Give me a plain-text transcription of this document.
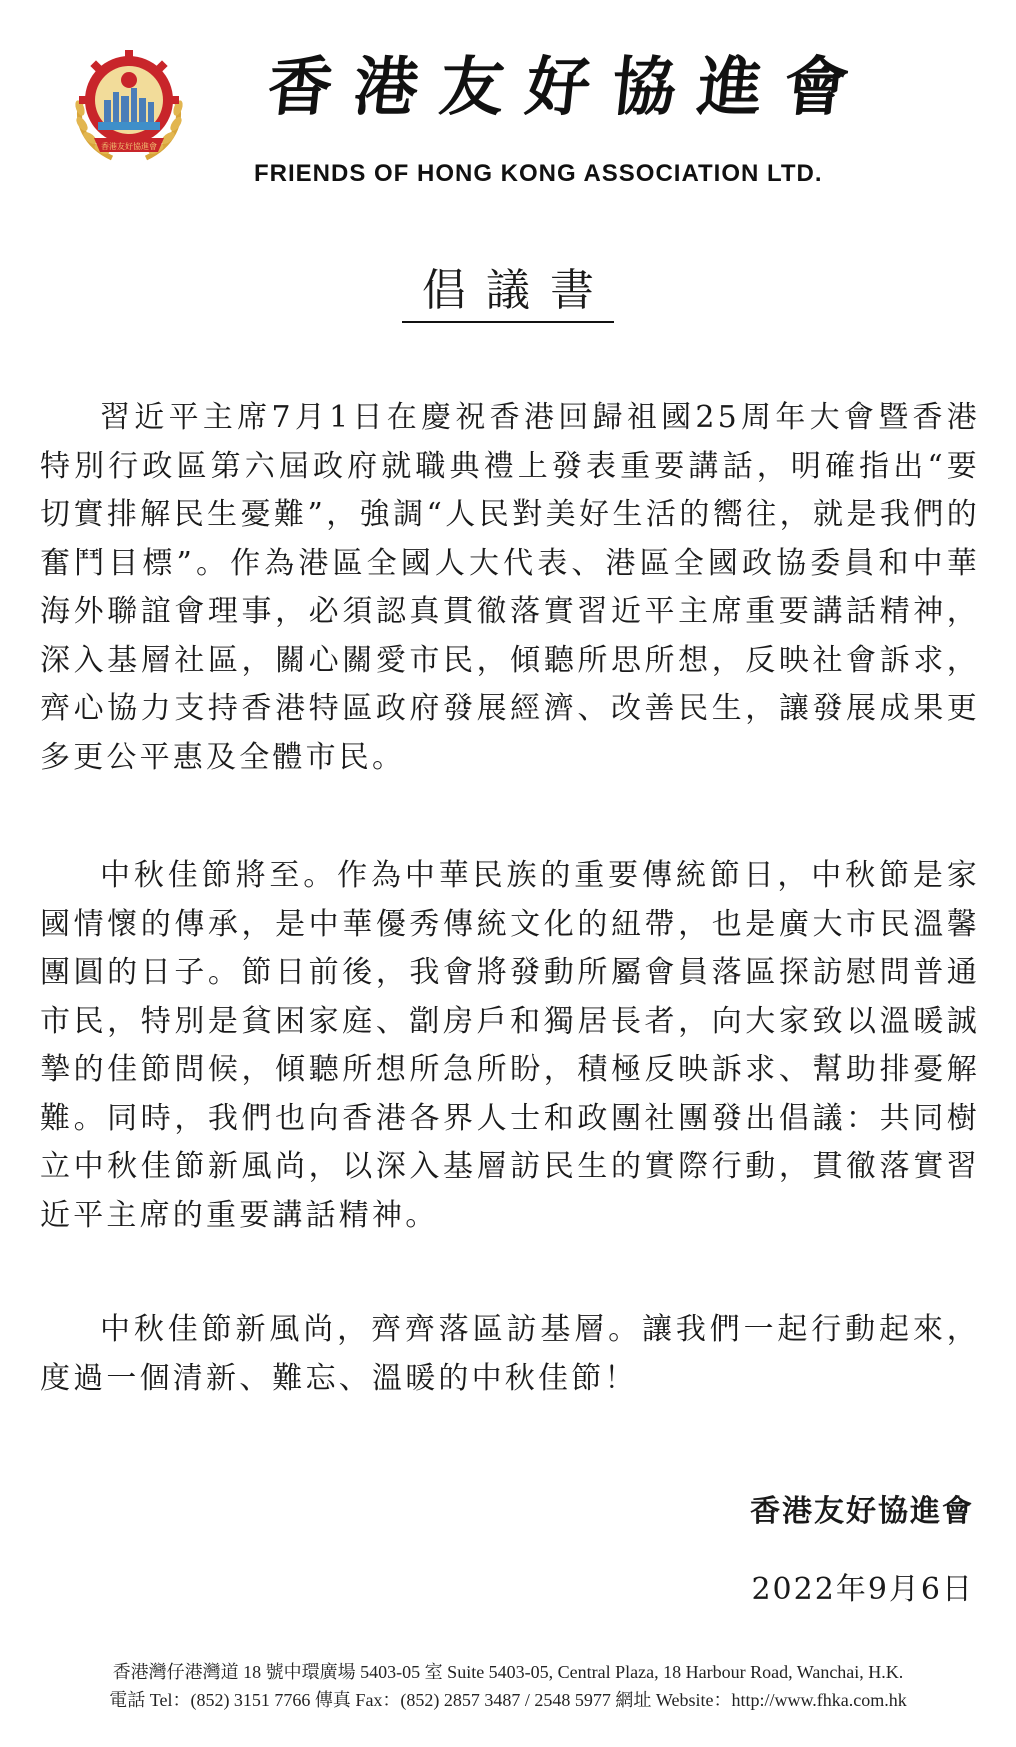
香港友好協進會
香港友好協進會
FRIENDS OF HONG KONG ASSOCIATION LTD.
倡議書

習近平主席7月1日在慶祝香港回歸祖國25周年大會暨香港特別行政區第六屆政府就職典禮上發表重要講話，明確指出“要切實排解民生憂難”，強調“人民對美好生活的嚮往，就是我們的奮鬥目標”。作為港區全國人大代表、港區全國政協委員和中華海外聯誼會理事，必須認真貫徹落實習近平主席重要講話精神，深入基層社區，關心關愛市民，傾聽所思所想，反映社會訴求，齊心協力支持香港特區政府發展經濟、改善民生，讓發展成果更多更公平惠及全體市民。

中秋佳節將至。作為中華民族的重要傳統節日，中秋節是家國情懷的傳承，是中華優秀傳統文化的紐帶，也是廣大市民溫馨團圓的日子。節日前後，我會將發動所屬會員落區探訪慰問普通市民，特別是貧困家庭、劏房戶和獨居長者，向大家致以溫暖誠摯的佳節問候，傾聽所想所急所盼，積極反映訴求、幫助排憂解難。同時，我們也向香港各界人士和政團社團發出倡議：共同樹立中秋佳節新風尚，以深入基層訪民生的實際行動，貫徹落實習近平主席的重要講話精神。

中秋佳節新風尚，齊齊落區訪基層。讓我們一起行動起來，度過一個清新、難忘、溫暖的中秋佳節！

香港友好協進會
2022年9月6日
香港灣仔港灣道 18 號中環廣場 5403-05 室 Suite 5403-05, Central Plaza, 18 Harbour Road, Wanchai, H.K.
電話 Tel：(852) 3151 7766 傳真 Fax：(852) 2857 3487 / 2548 5977 網址 Website：http://www.fhka.com.hk
